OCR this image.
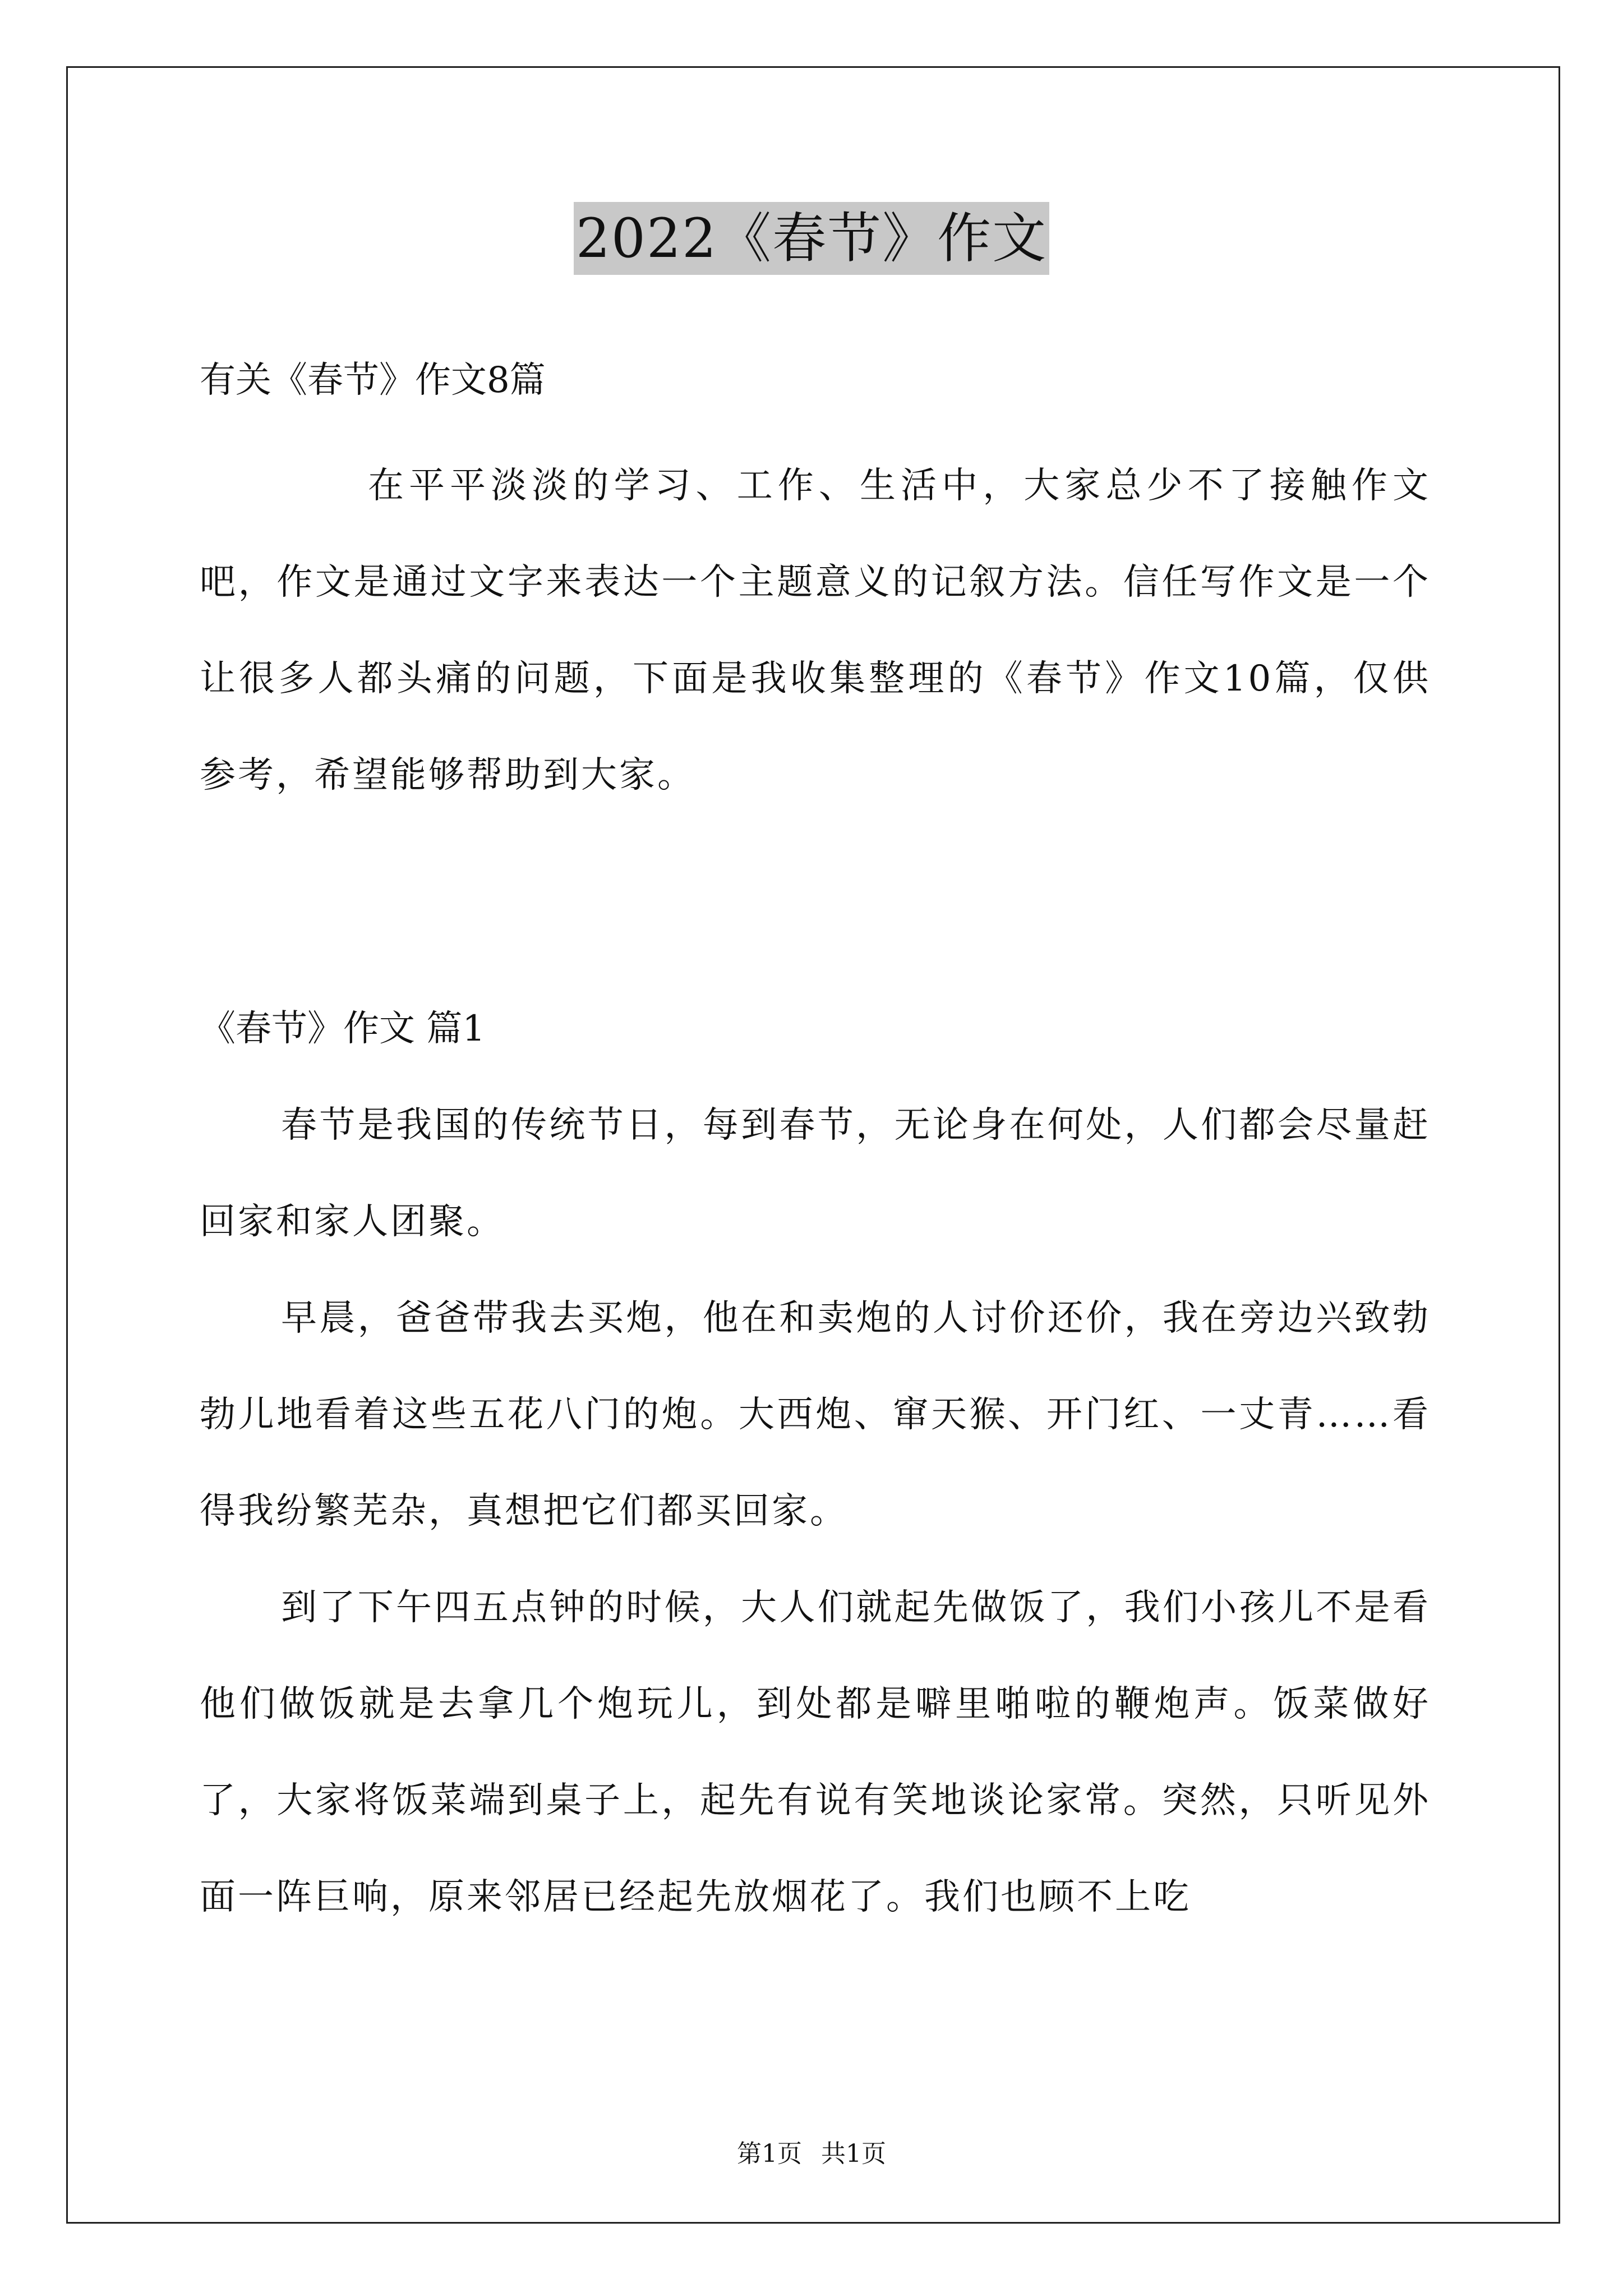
2022《春节》作文
有关《春节》作文8篇
在平平淡淡的学习、工作、生活中，大家总少不了接触作文吧，作文是通过文字来表达一个主题意义的记叙方法。信任写作文是一个让很多人都头痛的问题，下面是我收集整理的《春节》作文10篇，仅供参考，希望能够帮助到大家。
《春节》作文 篇1
春节是我国的传统节日，每到春节，无论身在何处，人们都会尽量赶回家和家人团聚。
早晨，爸爸带我去买炮，他在和卖炮的人讨价还价，我在旁边兴致勃勃儿地看着这些五花八门的炮。大西炮、窜天猴、开门红、一丈青……看得我纷繁芜杂，真想把它们都买回家。
到了下午四五点钟的时候，大人们就起先做饭了，我们小孩儿不是看他们做饭就是去拿几个炮玩儿，到处都是噼里啪啦的鞭炮声。饭菜做好了，大家将饭菜端到桌子上，起先有说有笑地谈论家常。突然，只听见外面一阵巨响，原来邻居已经起先放烟花了。我们也顾不上吃
第1页 共1页
